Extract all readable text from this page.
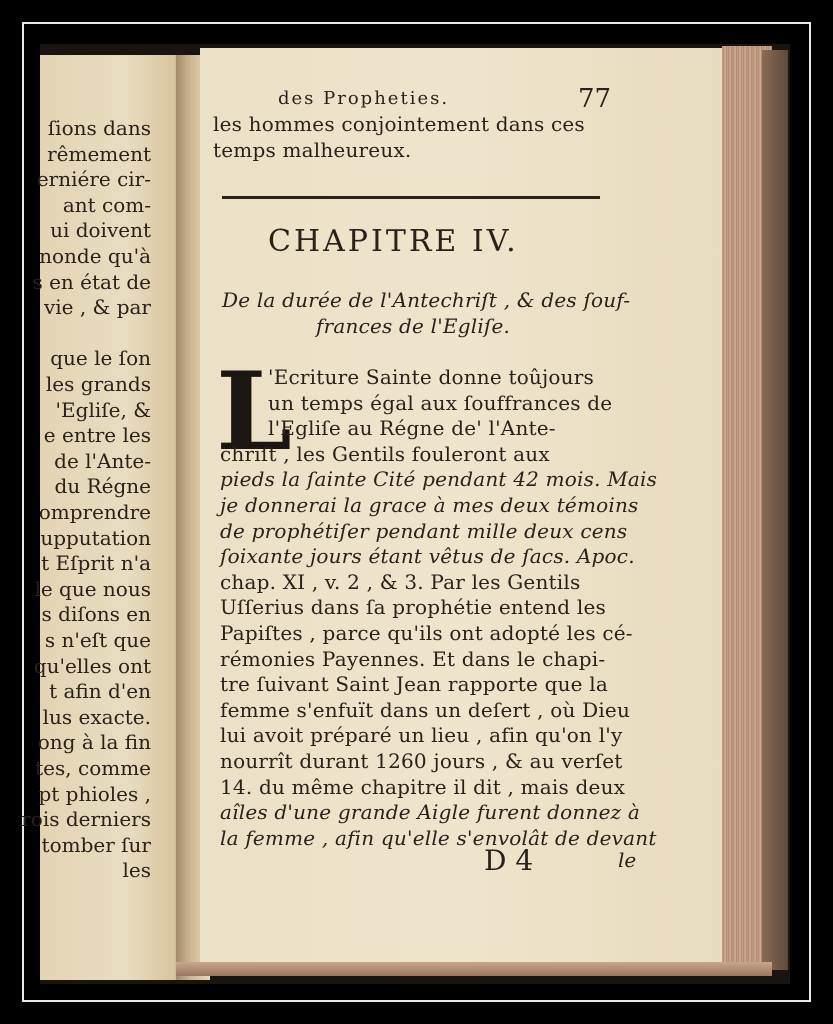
ſions dans
rêmement
erniére cir-
ant com-
ui doivent
nonde qu'à
s en état de
vie , & par
que le ſon
les grands
'Egliſe, &
e entre les
de l'Ante-
du Régne
omprendre
upputation
t Eſprit n'a
le que nous
s diſons en
s n'eſt que
qu'elles ont
t afin d'en
lus exacte.
ong à la fin
tes, comme
pt phioles ,
rois derniers
tomber ſur
les
des Propheties.	77
les hommes conjointement dans ces
temps malheureux.
CHAPITRE IV.
De la durée de l'Antechriſt , & des ſouf-
frances de l'Egliſe.
L
'Ecriture Sainte donne toûjours
un temps égal aux ſouffrances de
l'Egliſe au Régne de' l'Ante-
chriſt , les Gentils fouleront aux
pieds la ſainte Cité pendant 42 mois. Mais
je donnerai la grace à mes deux témoins
de prophétiſer pendant mille deux cens
ſoixante jours étant vêtus de ſacs. Apoc.
chap. XI , v. 2 , & 3. Par les Gentils
Uſſerius dans ſa prophétie entend les
Papiſtes , parce qu'ils ont adopté les cé-
rémonies Payennes. Et dans le chapi-
tre ſuivant Saint Jean rapporte que la
femme s'enfuït dans un deſert , où Dieu
lui avoit préparé un lieu , afin qu'on l'y
nourrît durant 1260 jours , & au verſet
14. du même chapitre il dit , mais deux
aîles d'une grande Aigle furent donnez à
la femme , afin qu'elle s'envolât de devant
D 4	le
